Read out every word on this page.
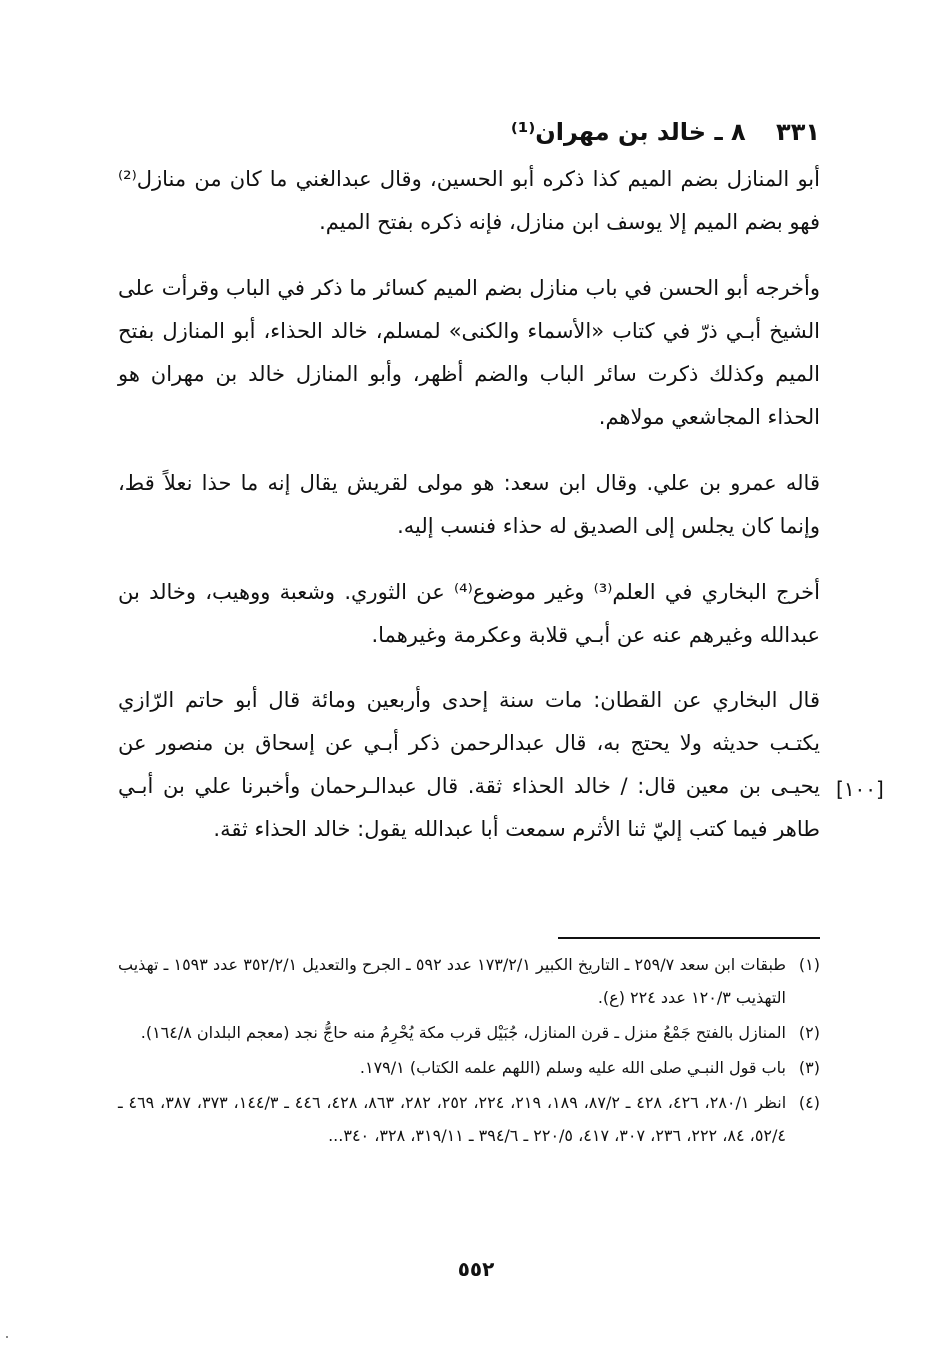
٣٣١ ٨ ـ خالد بن مهران⁽¹⁾
أبو المنازل بضم الميم كذا ذكره أبو الحسين، وقال عبدالغني ما كان من منازل⁽²⁾ فهو بضم الميم إلا يوسف ابن منازل، فإنه ذكره بفتح الميم.
وأخرجه أبو الحسن في باب منازل بضم الميم كسائر ما ذكر في الباب وقرأت على الشيخ أبـي ذرّ في كتاب «الأسماء والكنى» لمسلم، خالد الحذاء، أبو المنازل بفتح الميم وكذلك ذكرت سائر الباب والضم أظهر، وأبو المنازل خالد بن مهران هو الحذاء المجاشعي مولاهم.
قاله عمرو بن علي. وقال ابن سعد: هو مولى لقريش يقال إنه ما حذا نعلاً قط، وإنما كان يجلس إلى الصديق له حذاء فنسب إليه.
أخرج البخاري في العلم⁽³⁾ وغير موضوع⁽⁴⁾ عن الثوري. وشعبة ووهيب، وخالد بن عبدالله وغيرهم عنه عن أبـي قلابة وعكرمة وغيرهما.
قال البخاري عن القطان: مات سنة إحدى وأربعين ومائة قال أبو حاتم الرّازي يكتـب حديثه ولا يحتج به، قال عبدالرحمن ذكر أبـي عن إسحاق بن منصور عن يحيـى بن معين قال: / خالد الحذاء ثقة. قال عبدالـرحمان وأخبرنا علي بن أبـي طاهر فيما كتب إليّ ثنا الأثرم سمعت أبا عبدالله يقول: خالد الحذاء ثقة.
[١٠٠]
(١)
طبقات ابن سعد ٢٥٩/٧ ـ التاريخ الكبير ١٧٣/٢/١ عدد ٥٩٢ ـ الجرح والتعديل ٣٥٢/٢/١ عدد ١٥٩٣ ـ تهذيب التهذيب ١٢٠/٣ عدد ٢٢٤ (ع).
(٢)
المنازل بالفتح جَمْعُ منزل ـ قرن المنازل، جُبَيْل قرب مكة يُحْرِمُ منه حاجُّ نجد (معجم البلدان ١٦٤/٨).
(٣)
باب قول النبـي صلى الله عليه وسلم (اللهم علمه الكتاب) ١٧٩/١.
(٤)
انظر ٢٨٠/١، ٤٢٦، ٤٢٨ ـ ٨٧/٢، ١٨٩، ٢١٩، ٢٢٤، ٢٥٢، ٢٨٢، ٨٦٣، ٤٢٨، ٤٤٦ ـ ١٤٤/٣، ٣٧٣، ٣٨٧، ٤٦٩ ـ ٥٢/٤، ٨٤، ٢٢٢، ٢٣٦، ٣٠٧، ٤١٧، ٢٢٠/٥ ـ ٣٩٤/٦ ـ ٣١٩/١١، ٣٢٨، ٣٤٠...
٥٥٢
